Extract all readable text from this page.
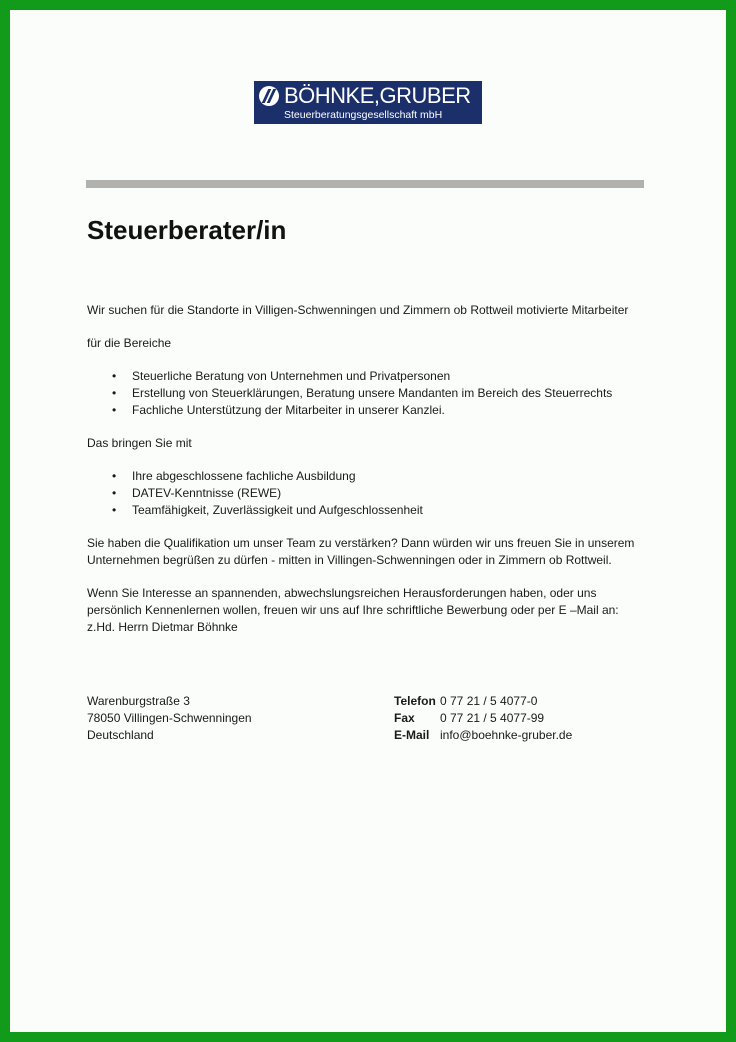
BÖHNKE,GRUBER
Steuerberatungsgesellschaft mbH
Steuerberater/in

Wir suchen für die Standorte in Villigen-Schwenningen und Zimmern ob Rottweil motivierte Mitarbeiter

für die Bereiche

• Steuerliche Beratung von Unternehmen und Privatpersonen
• Erstellung von Steuerklärungen, Beratung unsere Mandanten im Bereich des Steuerrechts
• Fachliche Unterstützung der Mitarbeiter in unserer Kanzlei.

Das bringen Sie mit

• Ihre abgeschlossene fachliche Ausbildung
• DATEV-Kenntnisse (REWE)
• Teamfähigkeit, Zuverlässigkeit und Aufgeschlossenheit

Sie haben die Qualifikation um unser Team zu verstärken? Dann würden wir uns freuen Sie in unserem Unternehmen begrüßen zu dürfen - mitten in Villingen-Schwenningen oder in Zimmern ob Rottweil.

Wenn Sie Interesse an spannenden, abwechslungsreichen Herausforderungen haben, oder uns persönlich Kennenlernen wollen, freuen wir uns auf Ihre schriftliche Bewerbung oder per E –Mail an:

z.Hd. Herrn Dietmar Böhnke

Warenburgstraße 3
78050 Villingen-Schwenningen
Deutschland
Telefon 0 77 21 / 5 4077-0
Fax	0 77 21 / 5 4077-99
E-Mail info@boehnke-gruber.de
